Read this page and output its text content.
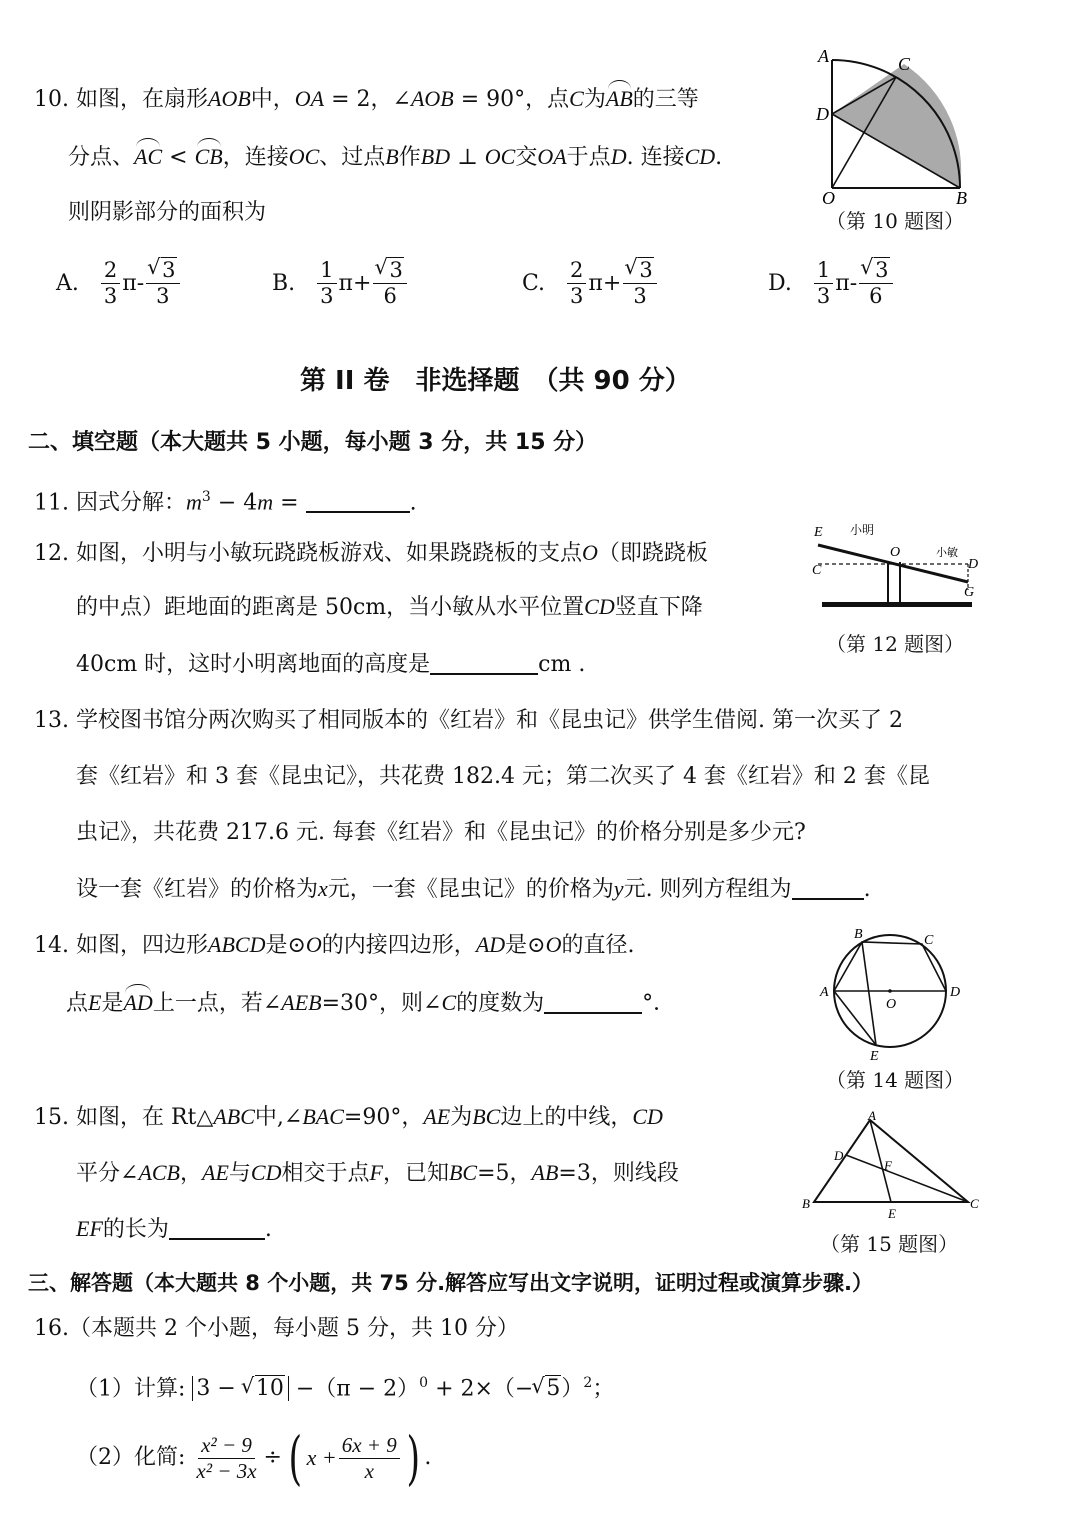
10. 如图，在扇形AOB中，OA = 2，∠AOB = 90°，点C为AB的三等
分点、AC < CB，连接OC、过点B作BD ⊥ OC交OA于点D. 连接CD.
则阴影部分的面积为
A	C
D
O	B
（第 10 题图）
A. $\frac{2}{3} \pi-$
√ $\frac{3}{3}$	B. $\frac{1}{3} \pi+$
√ $\frac{3}{6}$	C. $\frac{2}{3} \pi+$
√ $\frac{3}{3}$	D. $\frac{1}{3} \pi-$
√ $\frac{3}{6}$
第 II 卷　非选择题　（共 90 分）
二、填空题（本大题共 5 小题，每小题 3 分，共 15 分）
11. 因式分解：$m^3 - 4m$ =	.
12. 如图，小明与小敏玩跷跷板游戏、如果跷跷板的支点O（即跷跷板
的中点）距地面的距离是 50cm，当小敏从水平位置CD竖直下降
40cm 时，这时小明离地面的高度是	cm .
E 小明
O	小敏
D
C
G
（第 12 题图）
13. 学校图书馆分两次购买了相同版本的《红岩》和《昆虫记》供学生借阅. 第一次买了 2
套《红岩》和 3 套《昆虫记》，共花费 182.4 元；第二次买了 4 套《红岩》和 2 套《昆
虫记》，共花费 217.6 元. 每套《红岩》和《昆虫记》的价格分别是多少元?
设一套《红岩》的价格为x元，一套《昆虫记》的价格为y元. 则列方程组为	.
14. 如图，四边形ABCD是⊙O的内接四边形，AD是⊙O的直径.
点E是AD上一点，若∠AEB=30°，则∠C的度数为	°．
B	C
A	D
O
E
（第 14 题图）
15. 如图，在 Rt△ABC中,∠BAC=90°，AE为BC边上的中线，CD
平分∠ACB，AE与CD相交于点F，已知BC=5，AB=3，则线段
EF的长为	.
A
D
F
B	C
E
（第 15 题图）
三、解答题（本大题共 8 个小题，共 75 分.解答应写出文字说明，证明过程或演算步骤.）
16.（本题共 2 个小题，每小题 5 分，共 10 分）
（1）计算: 3 − √ $10 -(\pi - 2)^0 + 2\times(-√$ 5）$^2$；
（2）化简: $\frac{\text{x² − 9}}{\text{x² − 3x}}$ ÷ ( $x + \frac{6x + 9}{x}$ ) .
